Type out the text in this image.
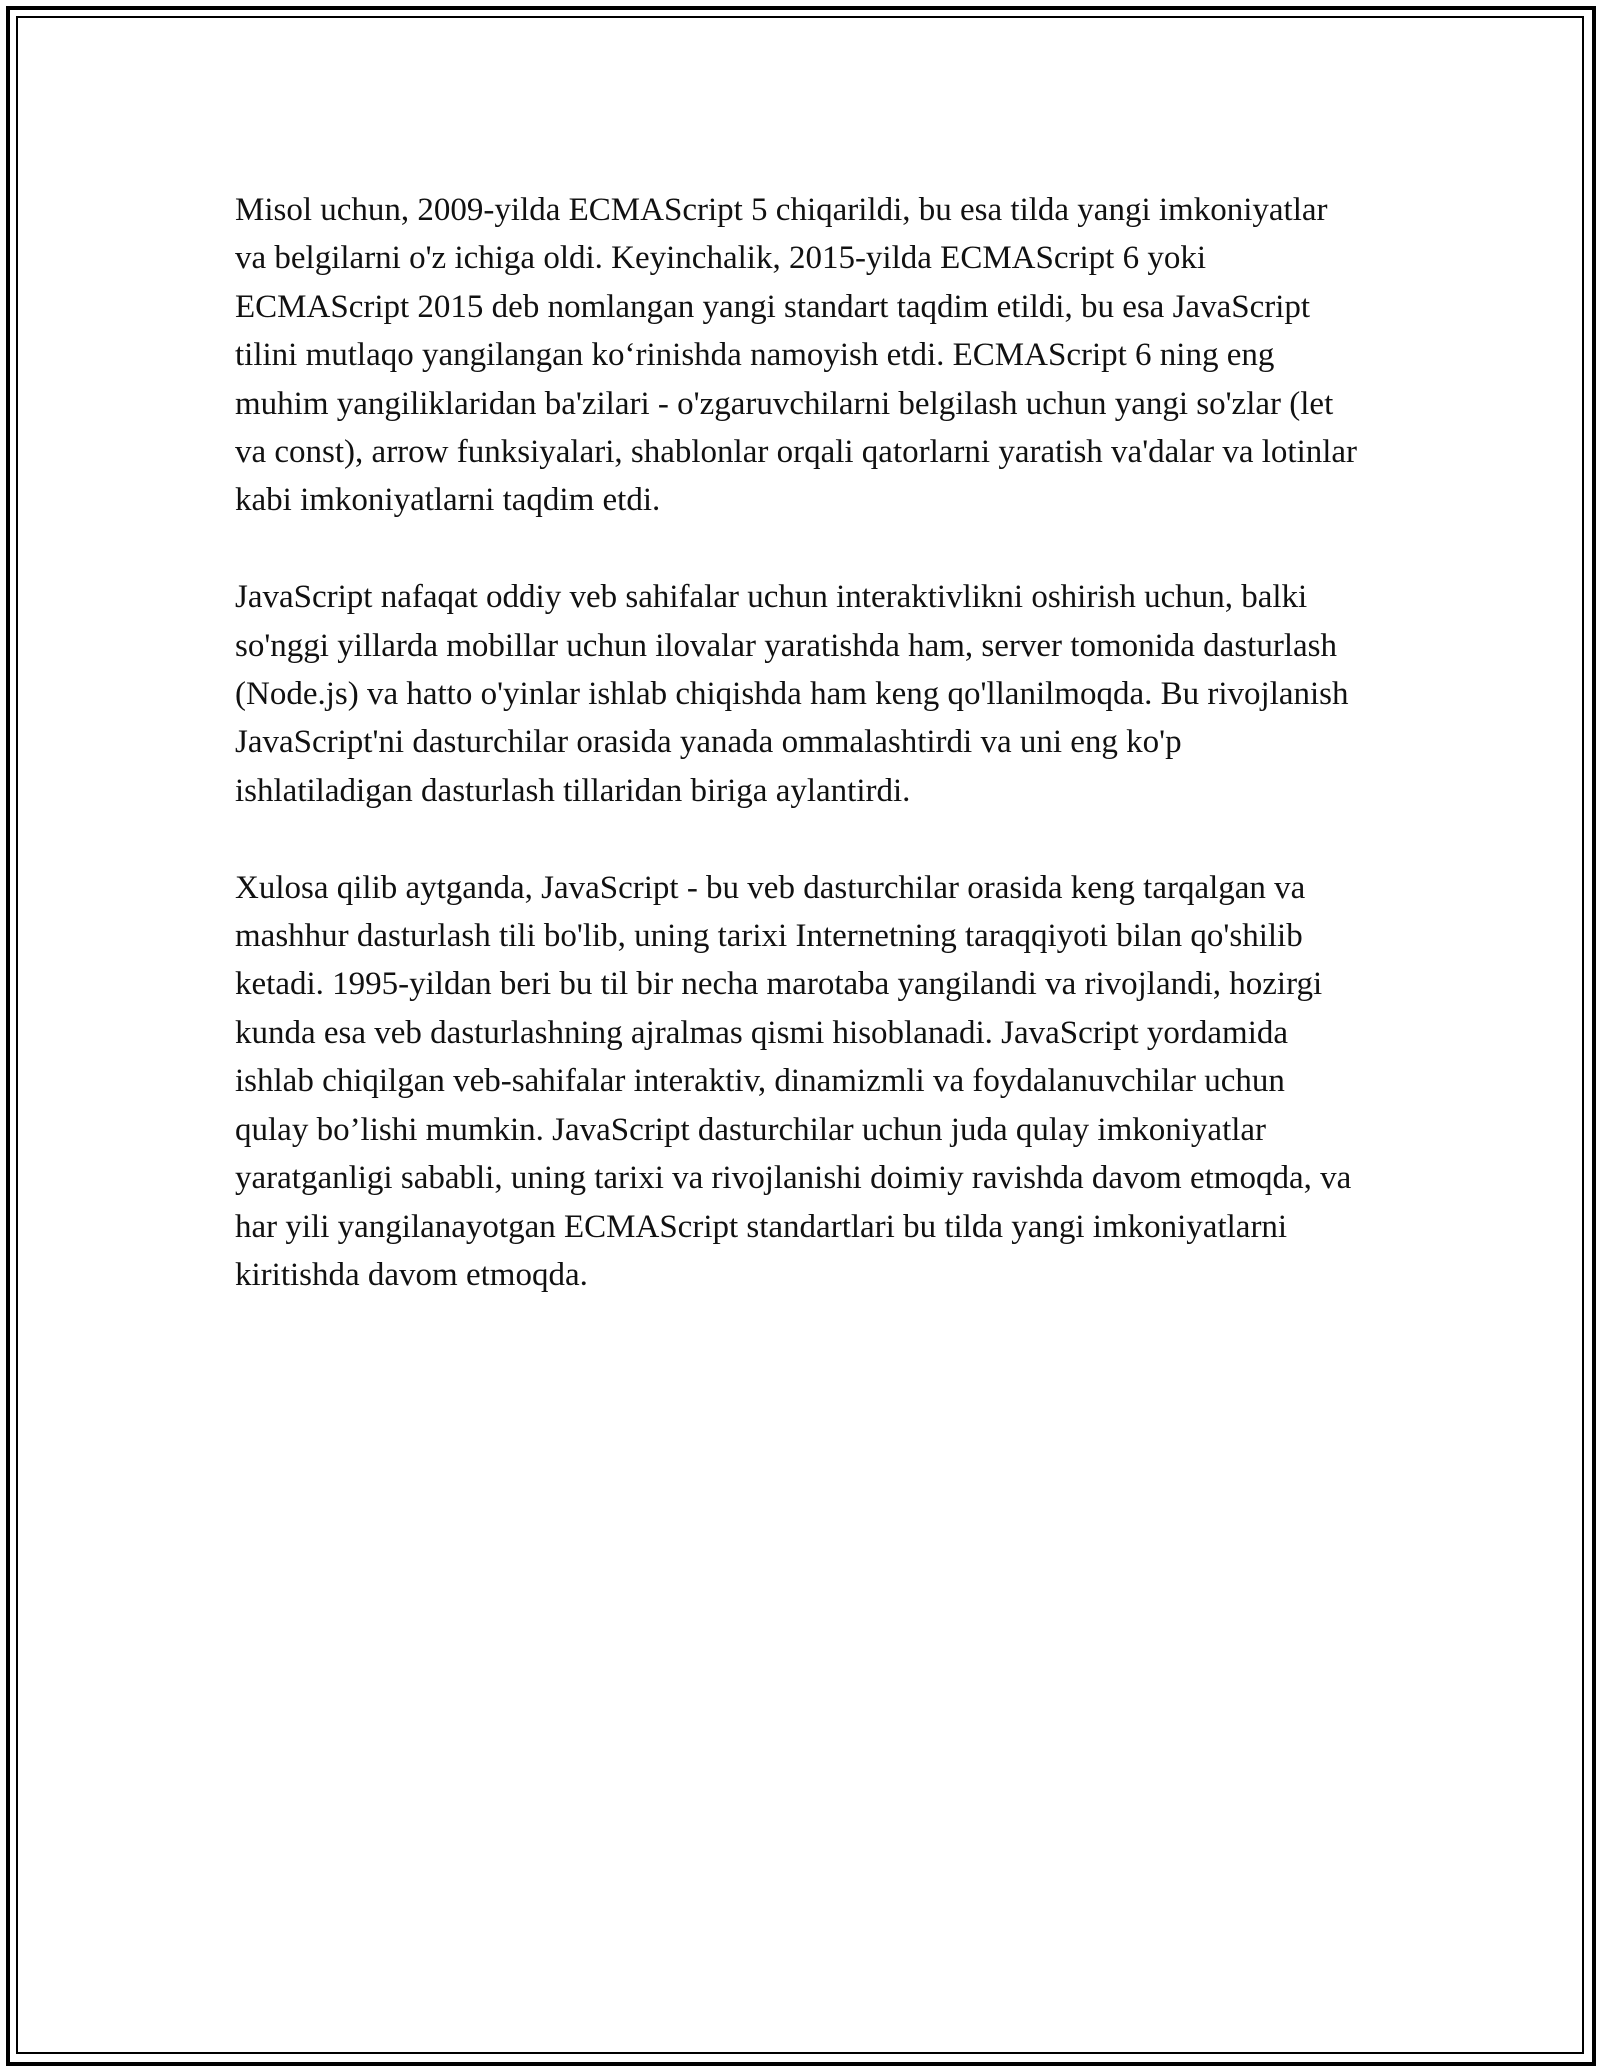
Misol uchun, 2009-yilda ECMAScript 5 chiqarildi, bu esa tilda yangi imkoniyatlar va belgilarni o'z ichiga oldi. Keyinchalik, 2015-yilda ECMAScript 6 yoki ECMAScript 2015 deb nomlangan yangi standart taqdim etildi, bu esa JavaScript tilini mutlaqo yangilangan ko‘rinishda namoyish etdi. ECMAScript 6 ning eng muhim yangiliklaridan ba'zilari - o'zgaruvchilarni belgilash uchun yangi so'zlar (let va const), arrow funksiyalari, shablonlar orqali qatorlarni yaratish va'dalar va lotinlar kabi imkoniyatlarni taqdim etdi.

JavaScript nafaqat oddiy veb sahifalar uchun interaktivlikni oshirish uchun, balki so'nggi yillarda mobillar uchun ilovalar yaratishda ham, server tomonida dasturlash (Node.js) va hatto o'yinlar ishlab chiqishda ham keng qo'llanilmoqda. Bu rivojlanish JavaScript'ni dasturchilar orasida yanada ommalashtirdi va uni eng ko'p ishlatiladigan dasturlash tillaridan biriga aylantirdi.

Xulosa qilib aytganda, JavaScript - bu veb dasturchilar orasida keng tarqalgan va mashhur dasturlash tili bo'lib, uning tarixi Internetning taraqqiyoti bilan qo'shilib ketadi. 1995-yildan beri bu til bir necha marotaba yangilandi va rivojlandi, hozirgi kunda esa veb dasturlashning ajralmas qismi hisoblanadi. JavaScript yordamida ishlab chiqilgan veb-sahifalar interaktiv, dinamizmli va foydalanuvchilar uchun qulay bo’lishi mumkin. JavaScript dasturchilar uchun juda qulay imkoniyatlar yaratganligi sababli, uning tarixi va rivojlanishi doimiy ravishda davom etmoqda, va har yili yangilanayotgan ECMAScript standartlari bu tilda yangi imkoniyatlarni kiritishda davom etmoqda.
